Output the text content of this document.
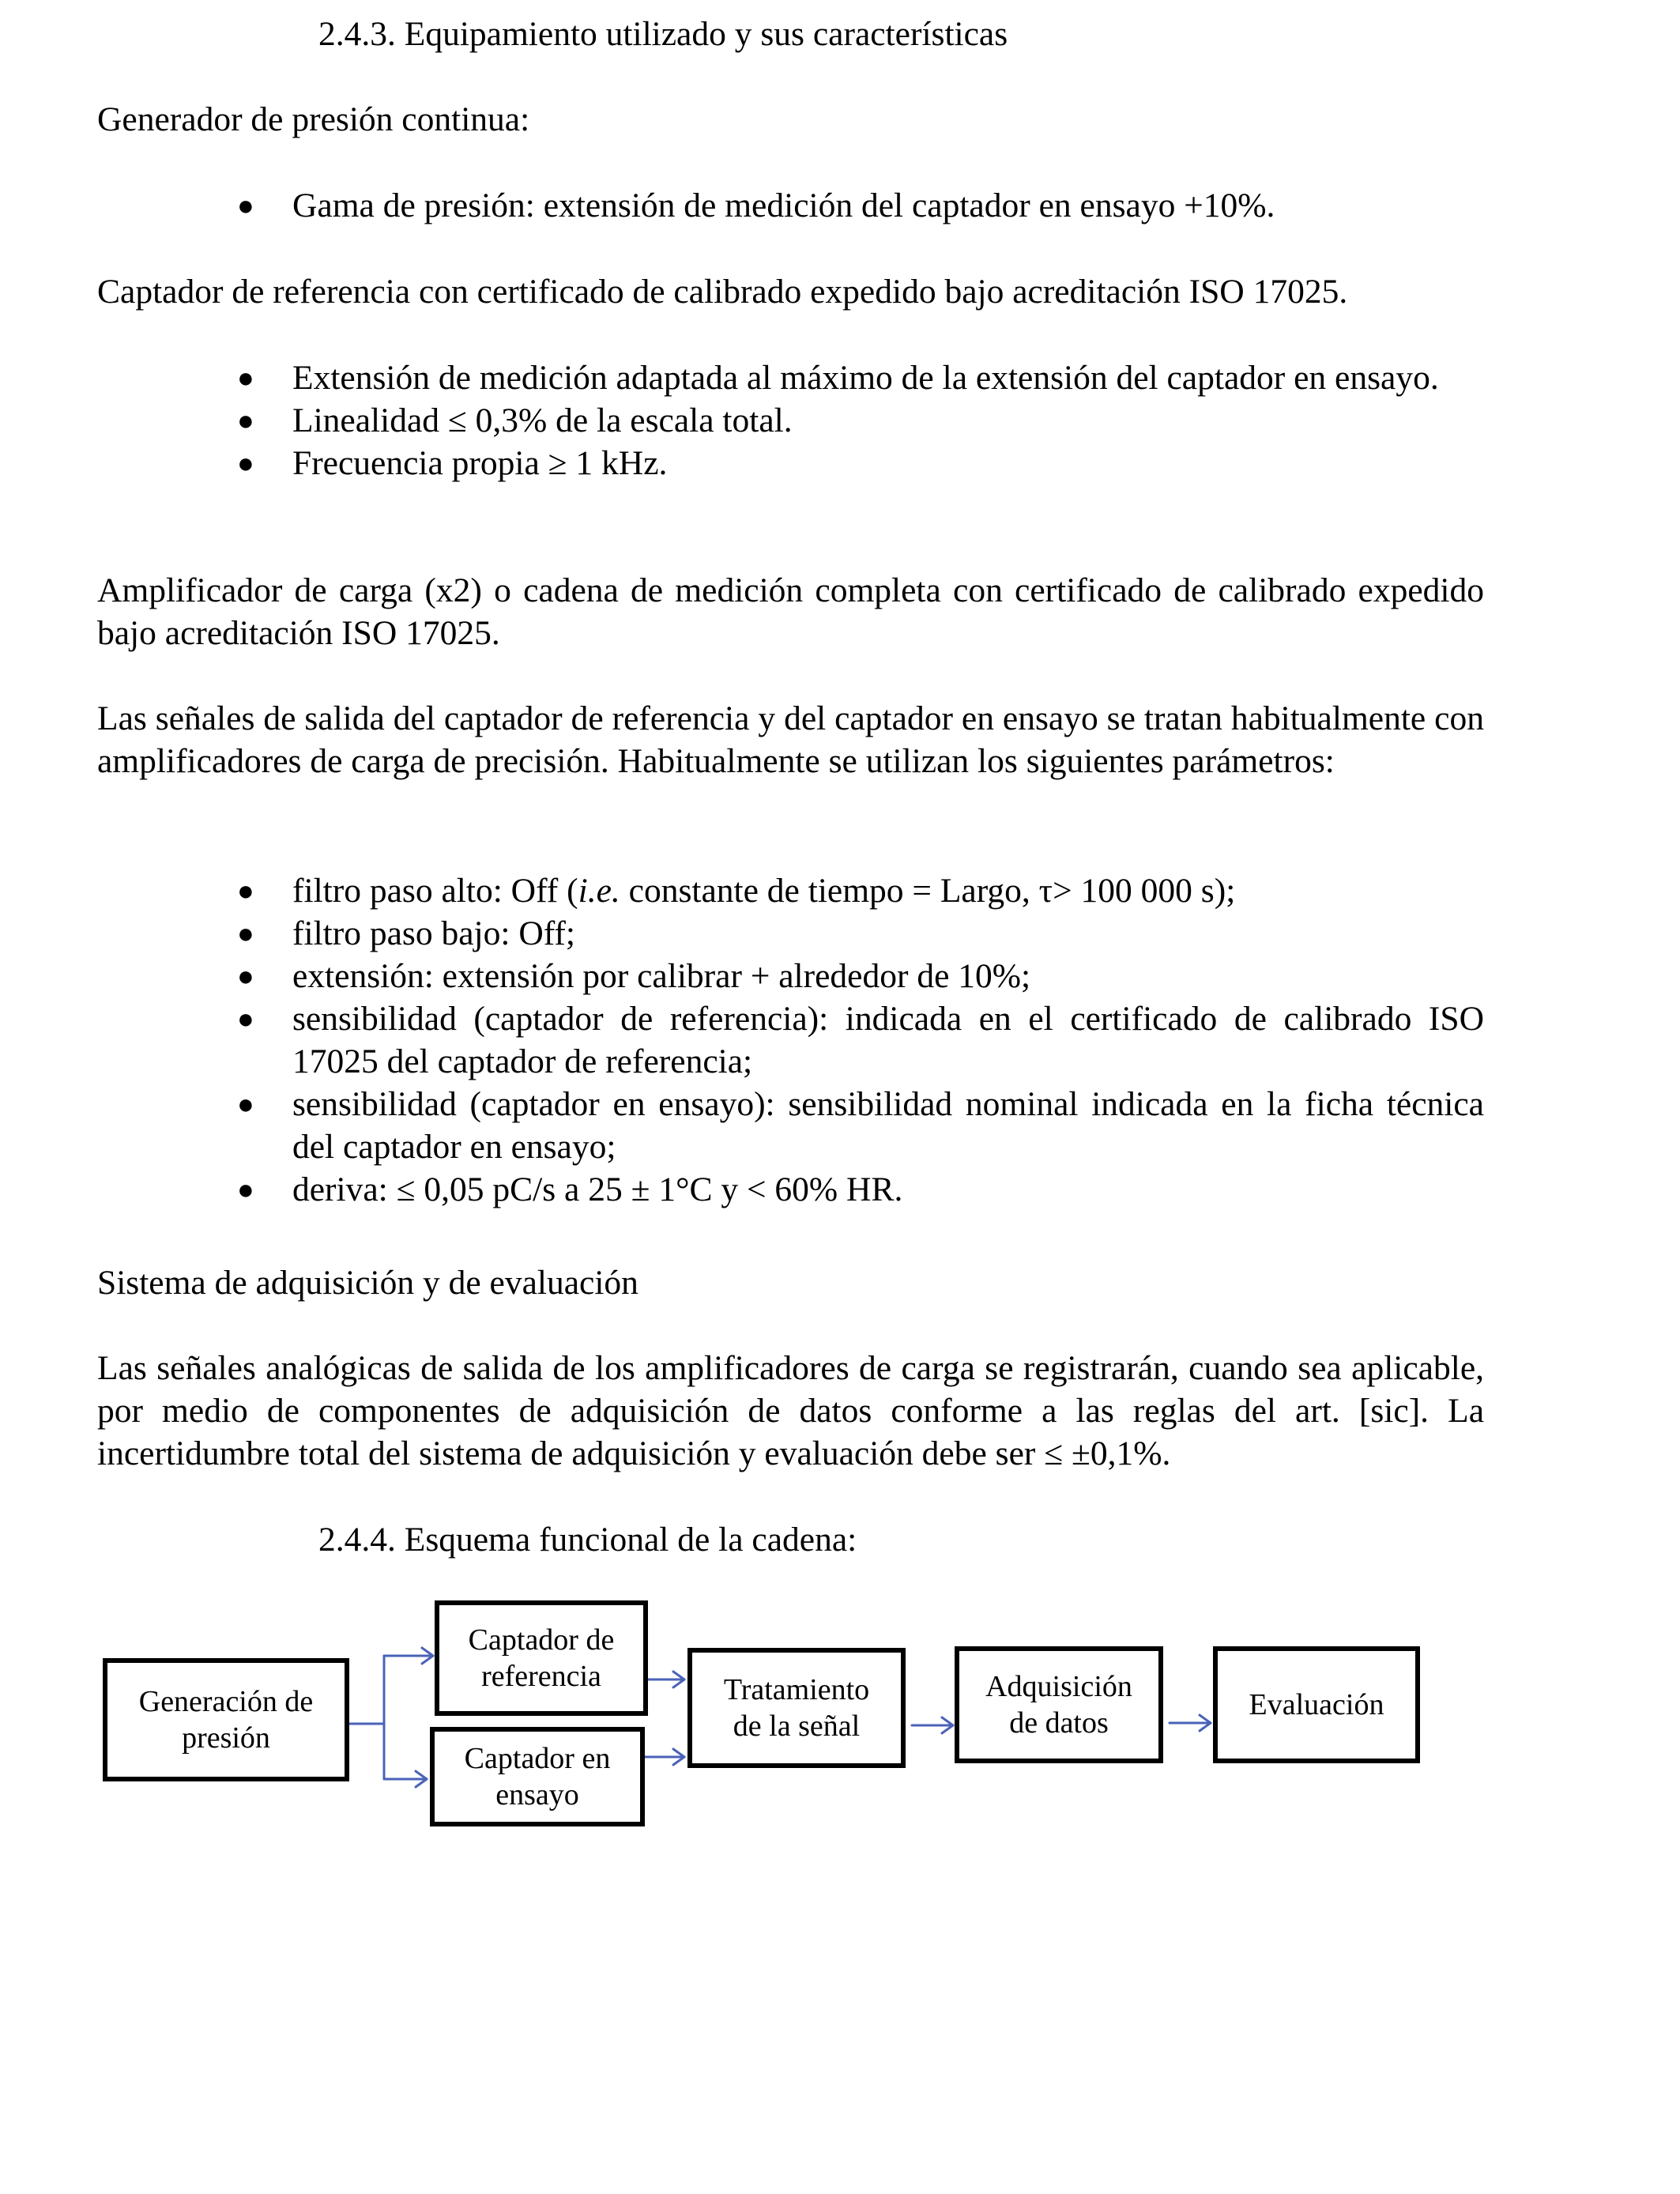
2.4.3. Equipamiento utilizado y sus características

Generador de presión continua:

●	Gama de presión: extensión de medición del captador en ensayo +10%.

Captador de referencia con certificado de calibrado expedido bajo acreditación ISO 17025.

●	Extensión de medición adaptada al máximo de la extensión del captador en ensayo.
●	Linealidad ≤ 0,3% de la escala total.
●	Frecuencia propia ≥ 1 kHz.

Amplificador de carga (x2) o cadena de medición completa con certificado de calibrado expedido bajo acreditación ISO 17025.

Las señales de salida del captador de referencia y del captador en ensayo se tratan habitualmente con amplificadores de carga de precisión. Habitualmente se utilizan los siguientes parámetros:

●	filtro paso alto: Off (i.e. constante de tiempo = Largo, τ> 100 000 s);
●	filtro paso bajo: Off;
●	extensión: extensión por calibrar + alrededor de 10%;
●	sensibilidad (captador de referencia): indicada en el certificado de calibrado ISO 17025 del captador de referencia;
●	sensibilidad (captador en ensayo): sensibilidad nominal indicada en la ficha técnica del captador en ensayo;
●	deriva: ≤ 0,05 pC/s a 25 ± 1°C y < 60% HR.

Sistema de adquisición y de evaluación

Las señales analógicas de salida de los amplificadores de carga se registrarán, cuando sea aplicable, por medio de componentes de adquisición de datos conforme a las reglas del art. [sic]. La incertidumbre total del sistema de adquisición y evaluación debe ser ≤ ±0,1%.

2.4.4. Esquema funcional de la cadena:

Generación de
presión
Captador de
referencia
Captador en
ensayo
Tratamiento
de la señal
Adquisición
de datos
Evaluación
